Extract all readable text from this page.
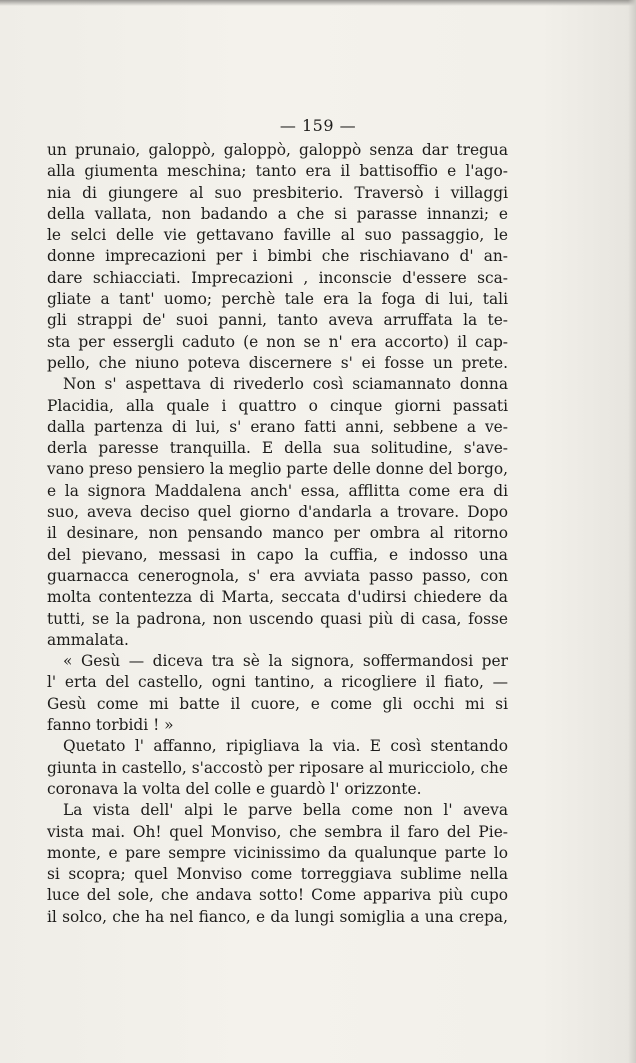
— 159 —
un prunaio, galoppò, galoppò, galoppò senza dar tregua
alla giumenta meschina; tanto era il battisoffio e l'ago-
nia di giungere al suo presbiterio. Traversò i villaggi
della vallata, non badando a che si parasse innanzi; e
le selci delle vie gettavano faville al suo passaggio, le
donne imprecazioni per i bimbi che rischiavano d' an-
dare schiacciati. Imprecazioni , inconscie d'essere sca-
gliate a tant' uomo; perchè tale era la foga di lui, tali
gli strappi de' suoi panni, tanto aveva arruffata la te-
sta per essergli caduto (e non se n' era accorto) il cap-
pello, che niuno poteva discernere s' ei fosse un prete.
Non s' aspettava di rivederlo così sciamannato donna
Placidia, alla quale i quattro o cinque giorni passati
dalla partenza di lui, s' erano fatti anni, sebbene a ve-
derla paresse tranquilla. E della sua solitudine, s'ave-
vano preso pensiero la meglio parte delle donne del borgo,
e la signora Maddalena anch' essa, afflitta come era di
suo, aveva deciso quel giorno d'andarla a trovare. Dopo
il desinare, non pensando manco per ombra al ritorno
del pievano, messasi in capo la cuffia, e indosso una
guarnacca cenerognola, s' era avviata passo passo, con
molta contentezza di Marta, seccata d'udirsi chiedere da
tutti, se la padrona, non uscendo quasi più di casa, fosse
ammalata.
« Gesù — diceva tra sè la signora, soffermandosi per
l' erta del castello, ogni tantino, a ricogliere il fiato, —
Gesù come mi batte il cuore, e come gli occhi mi si
fanno torbidi ! »
Quetato l' affanno, ripigliava la via. E così stentando
giunta in castello, s'accostò per riposare al muricciolo, che
coronava la volta del colle e guardò l' orizzonte.
La vista dell' alpi le parve bella come non l' aveva
vista mai. Oh! quel Monviso, che sembra il faro del Pie-
monte, e pare sempre vicinissimo da qualunque parte lo
si scopra; quel Monviso come torreggiava sublime nella
luce del sole, che andava sotto! Come appariva più cupo
il solco, che ha nel fianco, e da lungi somiglia a una crepa,
